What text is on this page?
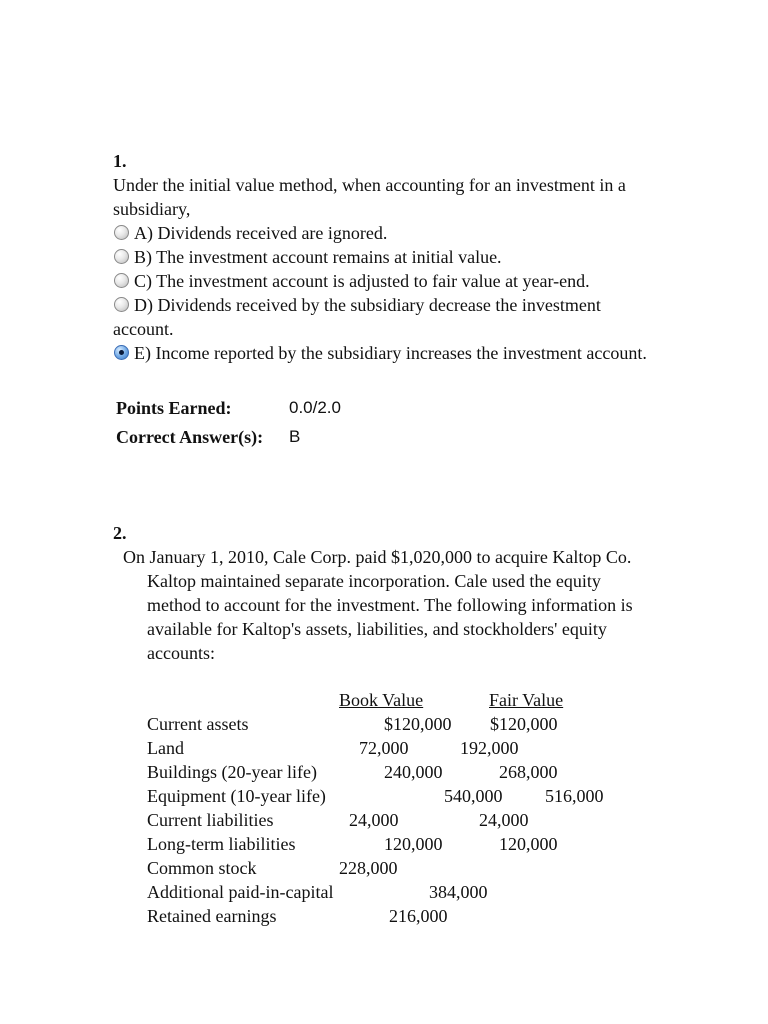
1.

Under the initial value method, when accounting for an investment in a subsidiary,

A) Dividends received are ignored.
B) The investment account remains at initial value.
C) The investment account is adjusted to fair value at year-end.
D) Dividends received by the subsidiary decrease the investment account.
E) Income reported by the subsidiary increases the investment account.
Points Earned:	0.0/2.0
Correct Answer(s): B
2.

On January 1, 2010, Cale Corp. paid $1,020,000 to acquire Kaltop Co. Kaltop maintained separate incorporation. Cale used the equity method to account for the investment. The following information is available for Kaltop's assets, liabilities, and stockholders' equity accounts:

Book Value	Fair Value
Current assets	$120,000 $120,000
Land	72,000	192,000
Buildings (20-year life)	240,000	268,000
Equipment (10-year life)	540,000 516,000
Current liabilities	24,000	24,000
Long-term liabilities	120,000	120,000
Common stock	228,000
Additional paid-in-capital	384,000
Retained earnings	216,000
